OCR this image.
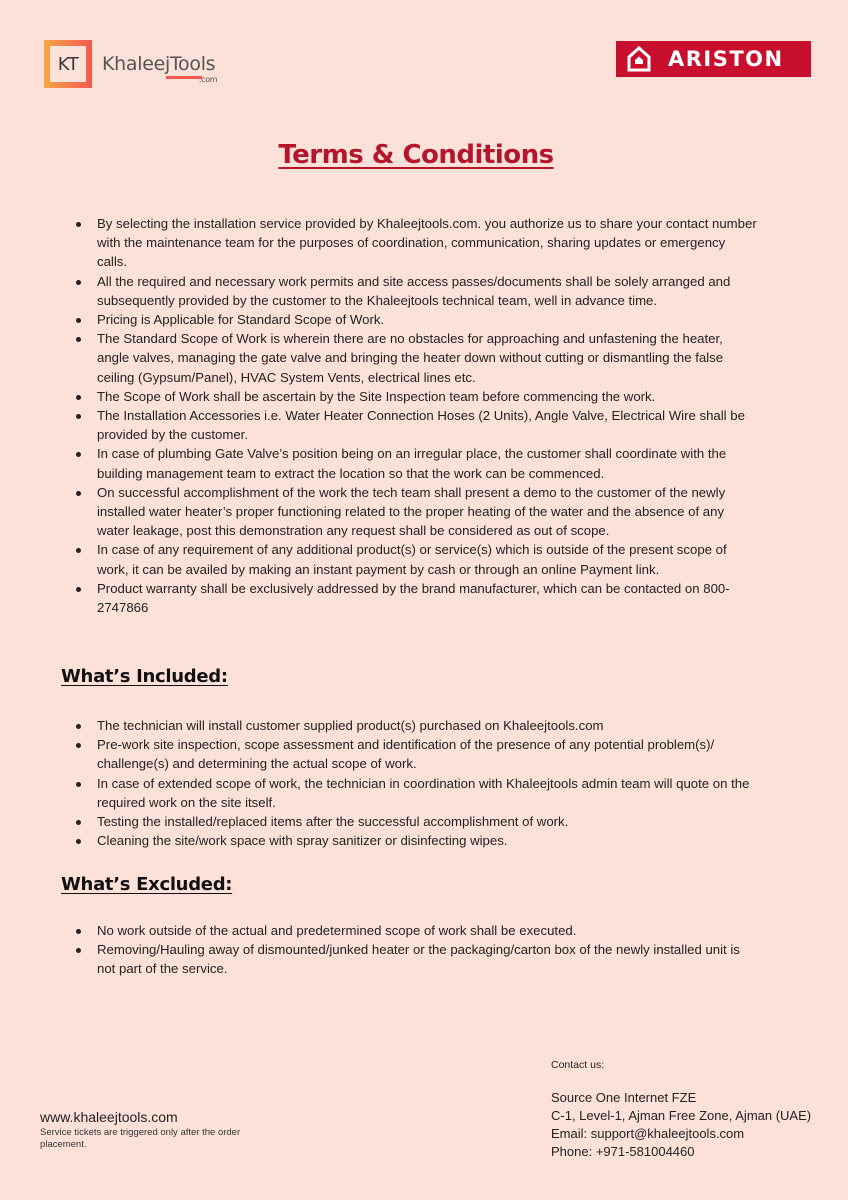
KT	KhaleejTools
.com
ARISTON
Terms & Conditions
By selecting the installation service provided by Khaleejtools.com. you authorize us to share your contact number with the maintenance team for the purposes of coordination, communication, sharing updates or emergency calls.
All the required and necessary work permits and site access passes/documents shall be solely arranged and subsequently provided by the customer to the Khaleejtools technical team, well in advance time.
Pricing is Applicable for Standard Scope of Work.
The Standard Scope of Work is wherein there are no obstacles for approaching and unfastening the heater, angle valves, managing the gate valve and bringing the heater down without cutting or dismantling the false ceiling (Gypsum/Panel), HVAC System Vents, electrical lines etc.
The Scope of Work shall be ascertain by the Site Inspection team before commencing the work.
The Installation Accessories i.e. Water Heater Connection Hoses (2 Units), Angle Valve, Electrical Wire shall be provided by the customer.
In case of plumbing Gate Valve’s position being on an irregular place, the customer shall coordinate with the building management team to extract the location so that the work can be commenced.
On successful accomplishment of the work the tech team shall present a demo to the customer of the newly installed water heater’s proper functioning related to the proper heating of the water and the absence of any water leakage, post this demonstration any request shall be considered as out of scope.
In case of any requirement of any additional product(s) or service(s) which is outside of the present scope of work, it can be availed by making an instant payment by cash or through an online Payment link.
Product warranty shall be exclusively addressed by the brand manufacturer, which can be contacted on 800-2747866
What’s Included:
The technician will install customer supplied product(s) purchased on Khaleejtools.com
Pre-work site inspection, scope assessment and identification of the presence of any potential problem(s)/ challenge(s) and determining the actual scope of work.
In case of extended scope of work, the technician in coordination with Khaleejtools admin team will quote on the required work on the site itself.
Testing the installed/replaced items after the successful accomplishment of work.
Cleaning the site/work space with spray sanitizer or disinfecting wipes.
What’s Excluded:
No work outside of the actual and predetermined scope of work shall be executed.
Removing/Hauling away of dismounted/junked heater or the packaging/carton box of the newly installed unit is not part of the service.
www.khaleejtools.com
Service tickets are triggered only after the order placement.
Contact us:
Source One Internet FZE
C-1, Level-1, Ajman Free Zone, Ajman (UAE)
Email: support@khaleejtools.com
Phone: +971-581004460
